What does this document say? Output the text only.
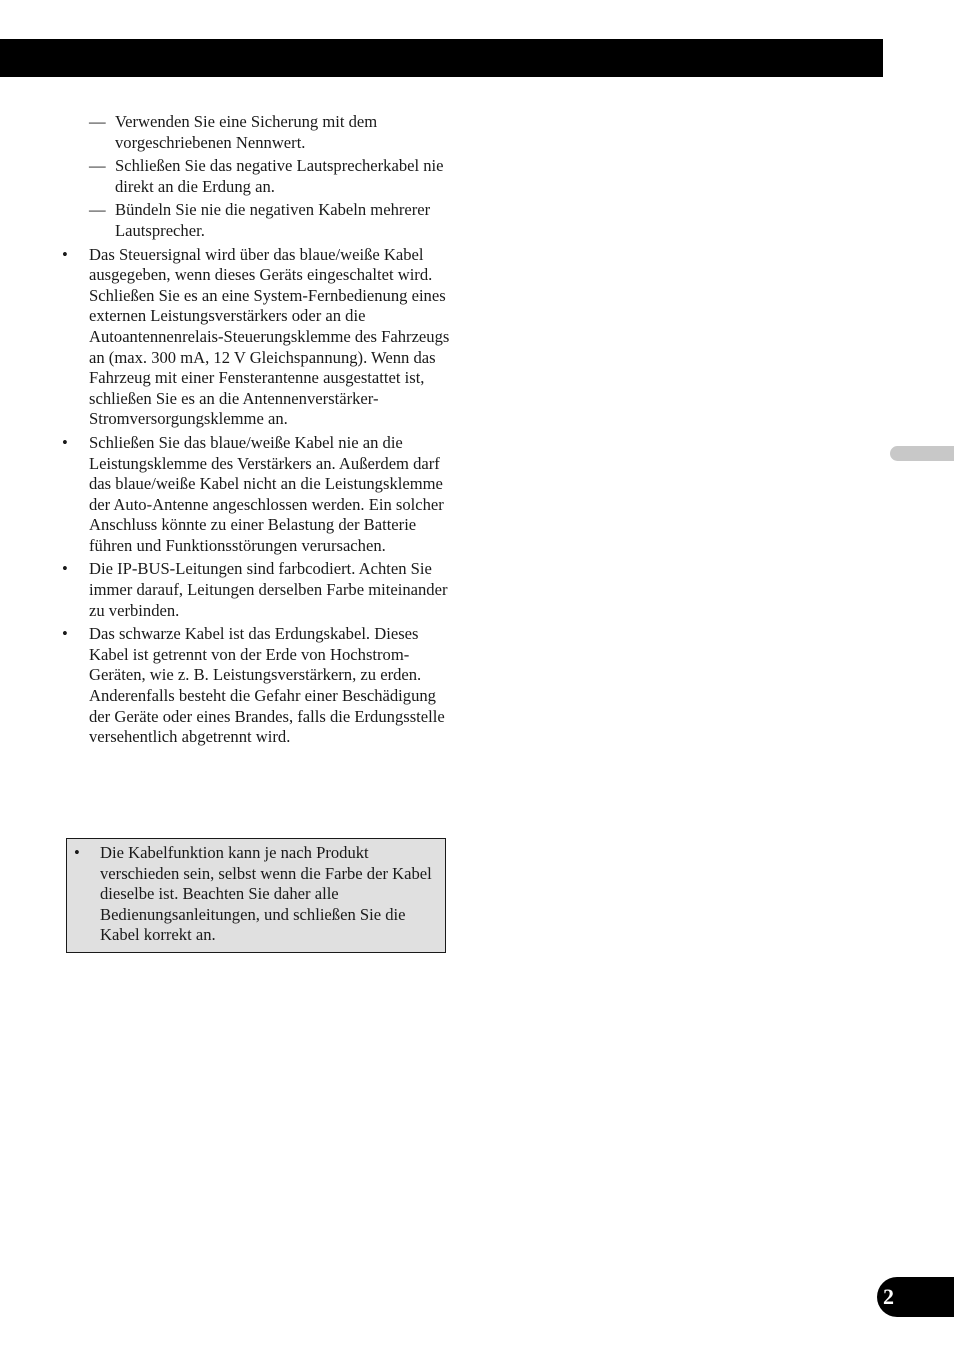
— Verwenden Sie eine Sicherung mit dem vorgeschriebenen Nennwert.
— Schließen Sie das negative Lautsprecherkabel nie direkt an die Erdung an.
— Bündeln Sie nie die negativen Kabeln mehrerer Lautsprecher.
• Das Steuersignal wird über das blaue/weiße Kabel ausgegeben, wenn dieses Geräts eingeschaltet wird. Schließen Sie es an eine System-Fernbedienung eines externen Leistungsverstärkers oder an die Autoantennenrelais-Steuerungsklemme des Fahrzeugs an (max. 300 mA, 12 V Gleichspannung). Wenn das Fahrzeug mit einer Fensterantenne ausgestattet ist, schließen Sie es an die Antennenverstärker-Stromversorgungsklemme an.
• Schließen Sie das blaue/weiße Kabel nie an die Leistungsklemme des Verstärkers an. Außerdem darf das blaue/weiße Kabel nicht an die Leistungsklemme der Auto-Antenne angeschlossen werden. Ein solcher Anschluss könnte zu einer Belastung der Batterie führen und Funktionsstörungen verursachen.
• Die IP-BUS-Leitungen sind farbcodiert. Achten Sie immer darauf, Leitungen derselben Farbe miteinander zu verbinden.
• Das schwarze Kabel ist das Erdungskabel. Dieses Kabel ist getrennt von der Erde von Hochstrom-Geräten, wie z. B. Leistungsverstärkern, zu erden. Anderenfalls besteht die Gefahr einer Beschädigung der Geräte oder eines Brandes, falls die Erdungsstelle versehentlich abgetrennt wird.
• Die Kabelfunktion kann je nach Produkt verschieden sein, selbst wenn die Farbe der Kabel dieselbe ist. Beachten Sie daher alle Bedienungsanleitungen, und schließen Sie die Kabel korrekt an.
2
